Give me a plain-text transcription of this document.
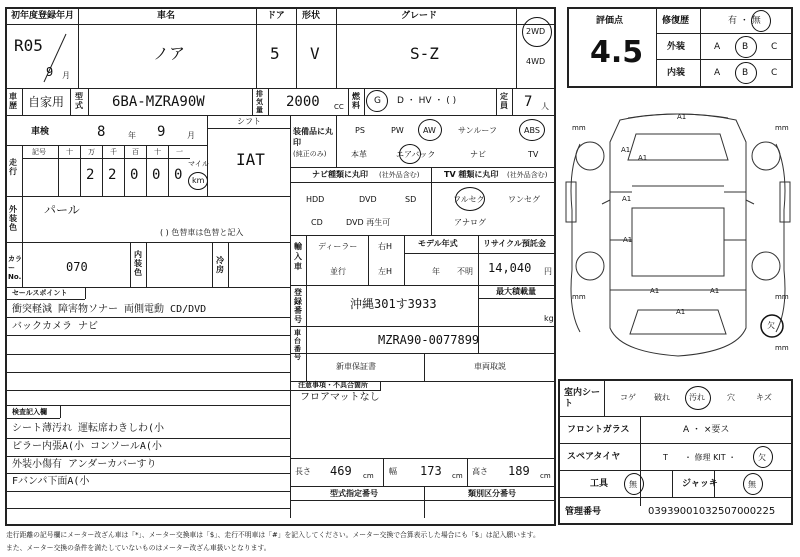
初年度登録年月	車名	ドア 形状	グレード
2WD
4WD
R05
9 月
ノア	5 V	S-Z
車歴 自家用 型式 6BA-MZRA90W	排気量 2000 CC
燃料 G D ・ HV ・ ( )	定員 7 人
車検	8	年 9	月
シフト
IAT
走行
記号	十 万 千 百 十 一
2 2 0 0 0
マイル
km
装備品に丸印
(純正のみ)
PS	PW AW	サンルーフ	ABS
本革	エアバック	ナビ	TV
ナビ種類に丸印 (社外品含む)	TV 種類に丸印 (社外品含む)
HDD	DVD	SD
CD	DVD 再生可
フルセグ	ワンセグ
アナログ
外装色
パール
( ) 色替車は色替と記入
カラーNo.
070
内装色
冷房
輸入車
ディーラー
並行
右H
左H
モデル年式
年 不明
リサイクル預託金
14,040 円
登録番号
沖縄301す3933
最大積載量
kg
車台番号
MZRA90-0077899
新車保証書	車両取説
注意事項・不具合箇所
フロアマットなし
長さ 469 cm 幅 173 cm 高さ 189 cm
型式指定番号	類別区分番号
セールスポイント
衝突軽減 障害物ソナー 両側電動 CD/DVD
バックカメラ ナビ
検査記入欄
シート薄汚れ 運転席わきしわ(小
ピラー内張A(小 コンソールA(小
外装小傷有 アンダーカバーすり
Fバンパ下面A(小
評価点
4.5
修復歴	有 ・ 無
外装	A B	C
内装	A B	C
A1
A1
A1
A1
A1
A1
A1	A1
mm	mm
mm	mm
mm
欠
室内シート
コゲ 破れ 汚れ	穴	キズ
フロントガラス	A ・ ×要ス
スペアタイヤ	T ・ 修理 KIT ・	欠
工具	無	ジャッキ	無
管理番号	03939001032507000225
走行距離の記号欄にメーター改ざん車は「*」、メーター交換車は「$」、走行不明車は「#」を記入してください。メーター交換で合算表示した場合にも「$」は記入願います。
また、メーター交換の条件を満たしていないものはメーター改ざん車扱いとなります。
